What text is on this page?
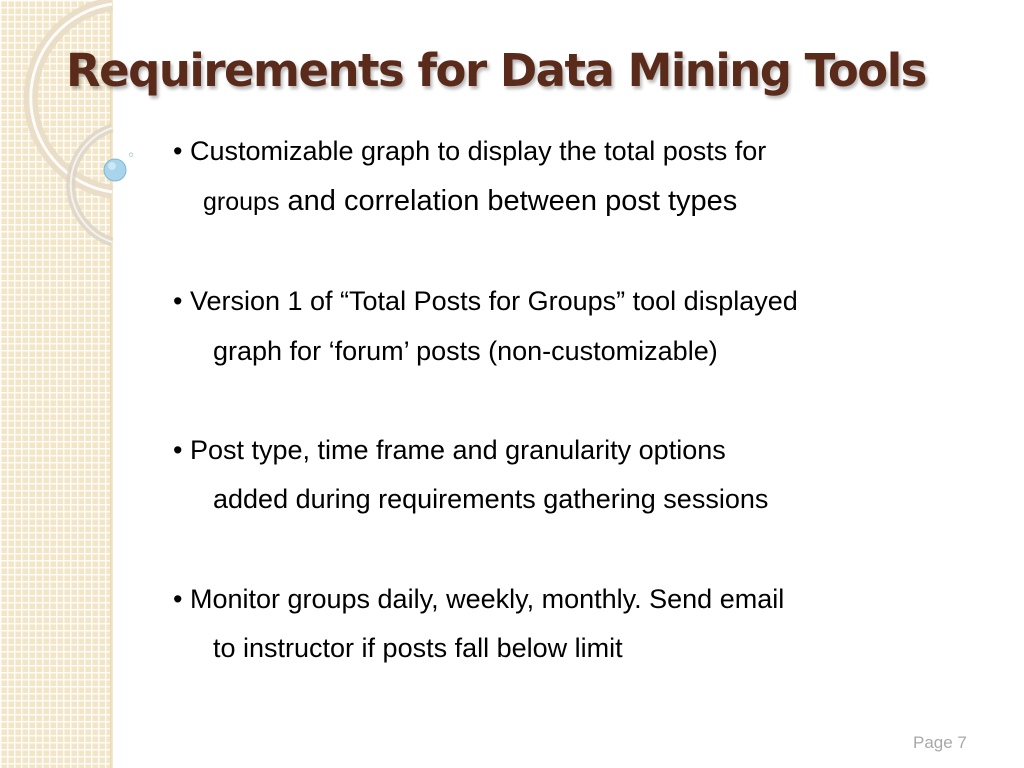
Requirements for Data Mining Tools
◦ • Customizable graph to display the total posts for

groups and correlation between post types

• Version 1 of “Total Posts for Groups” tool displayed

graph for ‘forum’ posts (non-customizable)

• Post type, time frame and granularity options

added during requirements gathering sessions

• Monitor groups daily, weekly, monthly. Send email

to instructor if posts fall below limit

Page 7
